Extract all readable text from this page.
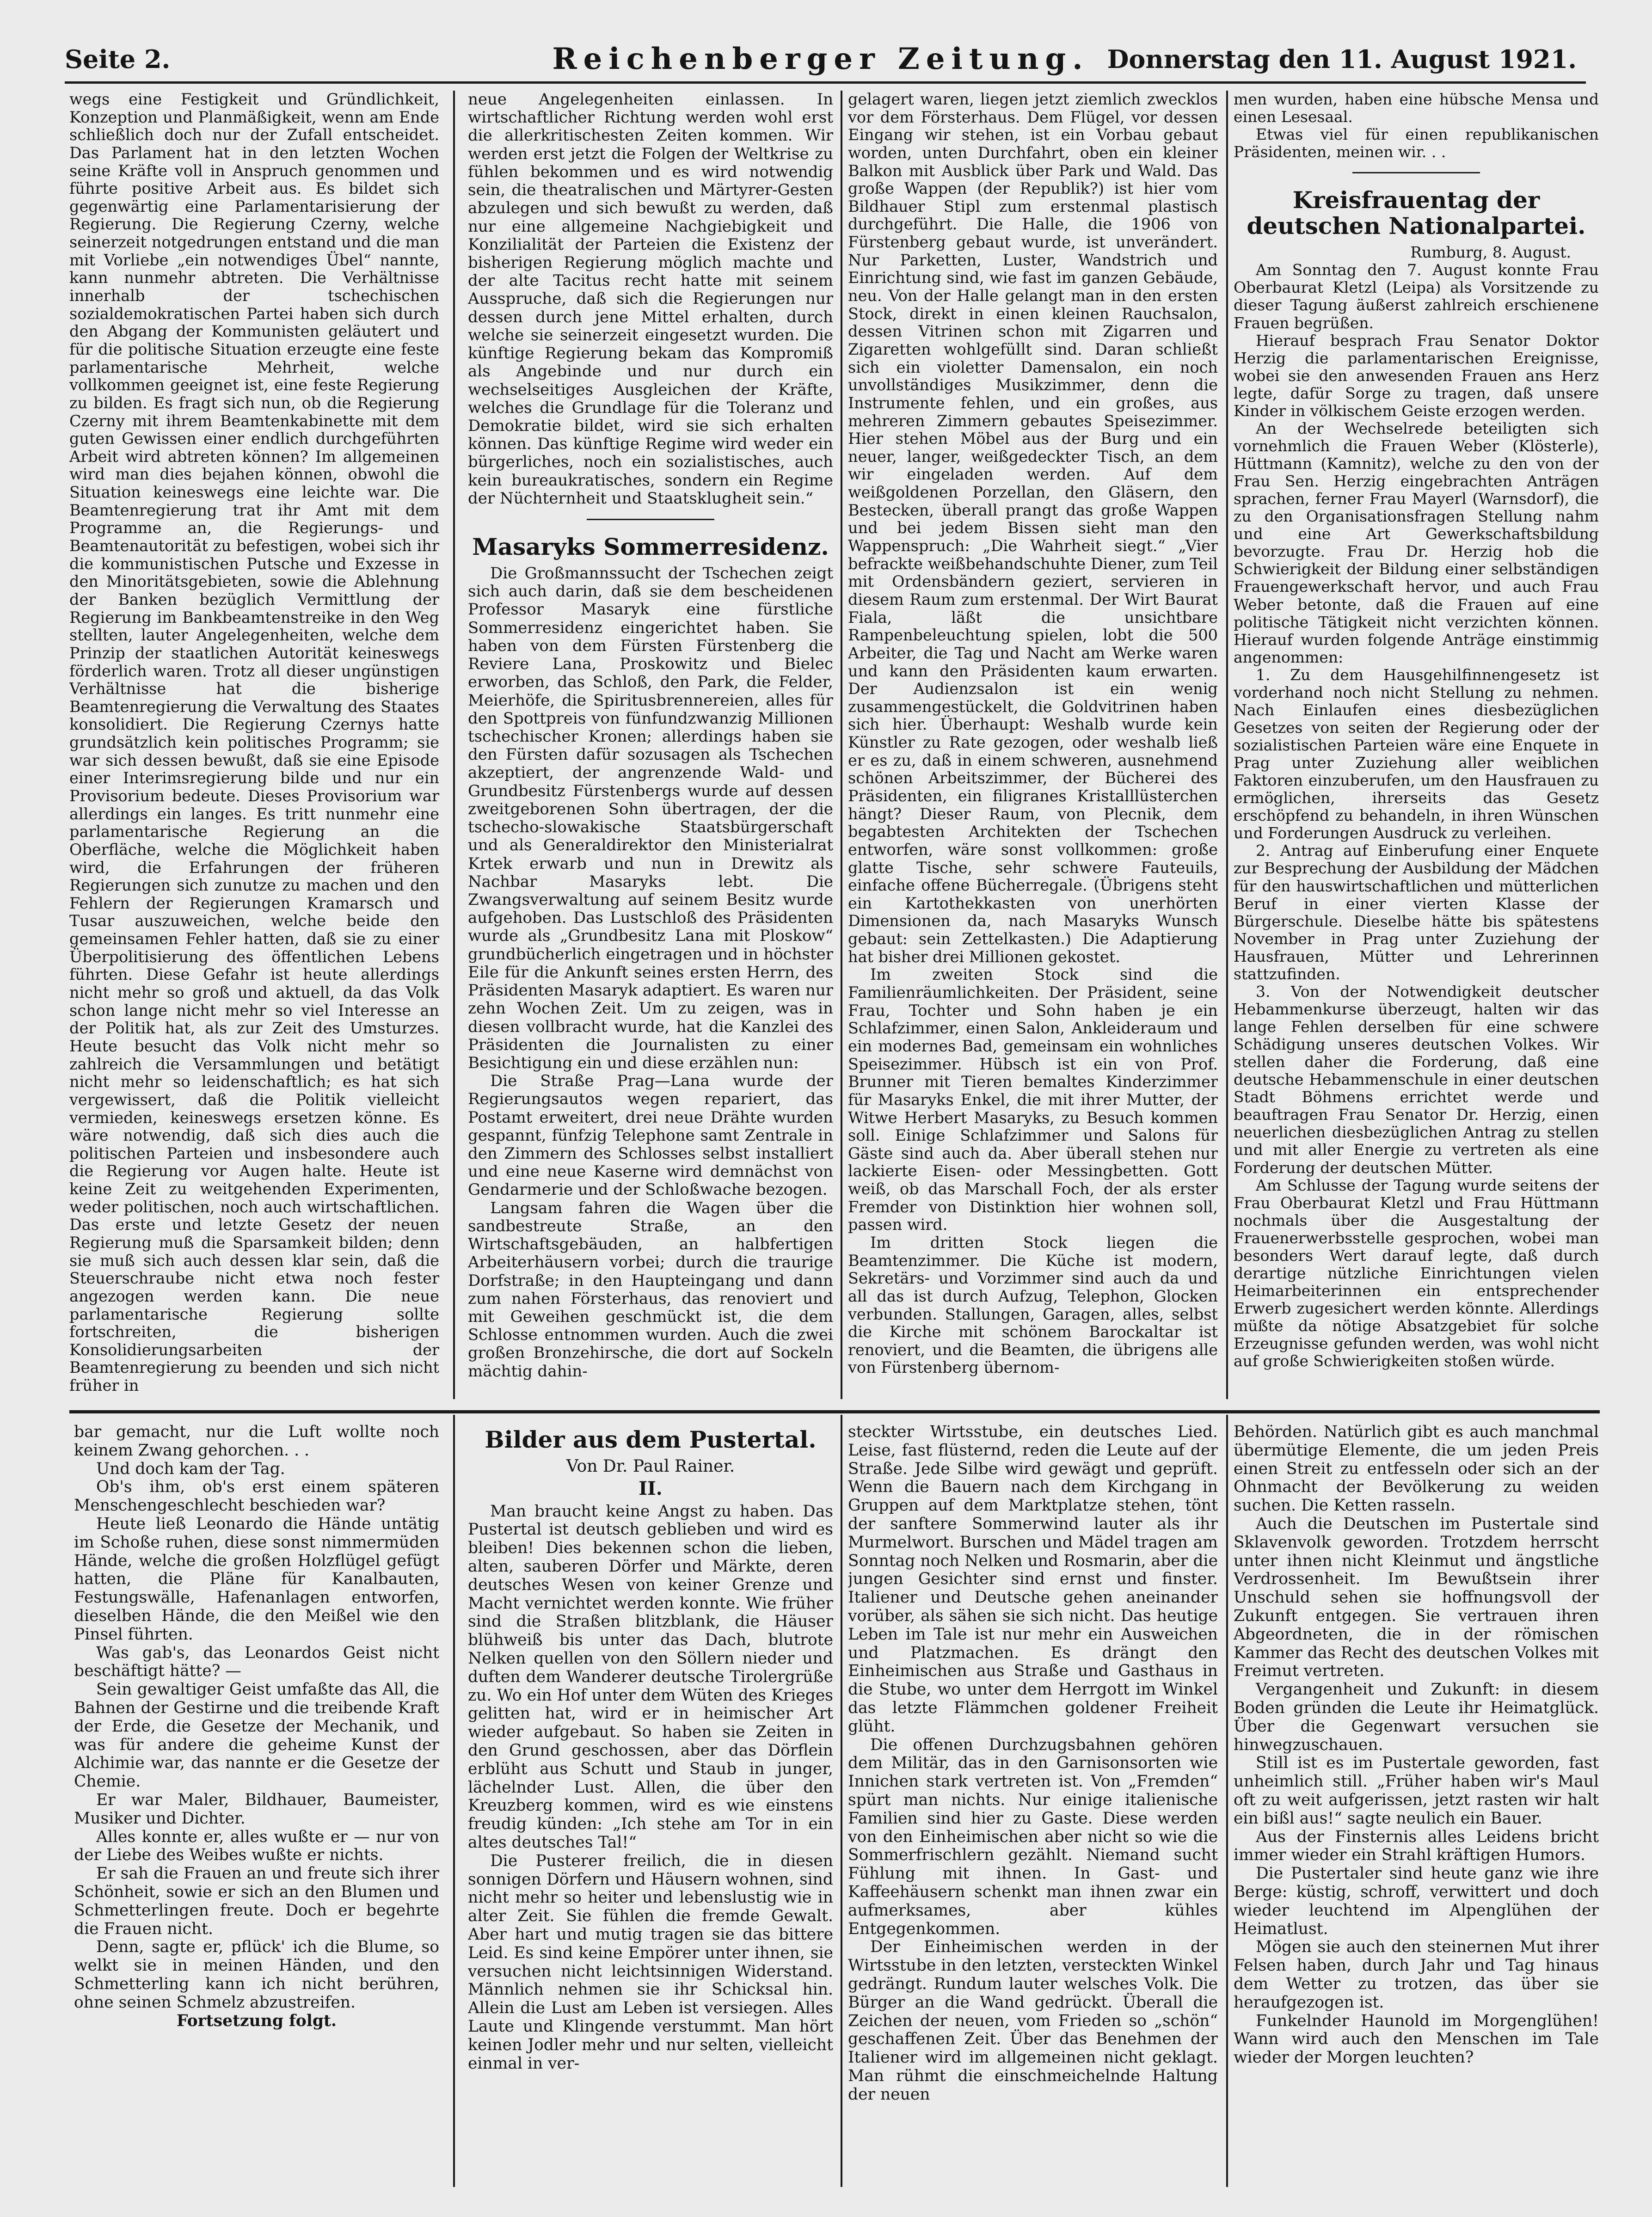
Seite 2.	Reichenberger Zeitung. Donnerstag den 11. August 1921.

wegs eine Festigkeit und Gründlichkeit, Konzeption und Planmäßigkeit, wenn am Ende schließlich doch nur der Zufall entscheidet. Das Parlament hat in den letzten Wochen seine Kräfte voll in Anspruch genommen und führte positive Arbeit aus. Es bildet sich gegenwärtig eine Parlamentarisierung der Regierung. Die Regierung Czerny, welche seinerzeit notgedrungen entstand und die man mit Vorliebe „ein notwendiges Übel“ nannte, kann nunmehr abtreten. Die Verhältnisse innerhalb der tschechischen sozialdemokratischen Partei haben sich durch den Abgang der Kommunisten geläutert und für die politische Situation erzeugte eine feste parlamentarische Mehrheit, welche vollkommen geeignet ist, eine feste Regierung zu bilden. Es fragt sich nun, ob die Regierung Czerny mit ihrem Beamtenkabinette mit dem guten Gewissen einer endlich durchgeführten Arbeit wird abtreten können? Im allgemeinen wird man dies bejahen können, obwohl die Situation keineswegs eine leichte war. Die Beamtenregierung trat ihr Amt mit dem Programme an, die Regierungs- und Beamtenautorität zu befestigen, wobei sich ihr die kommunistischen Putsche und Exzesse in den Minoritätsgebieten, sowie die Ablehnung der Banken bezüglich Vermittlung der Regierung im Bankbeamtenstreike in den Weg stellten, lauter Angelegenheiten, welche dem Prinzip der staatlichen Autorität keineswegs förderlich waren. Trotz all dieser ungünstigen Verhältnisse hat die bisherige Beamtenregierung die Verwaltung des Staates konsolidiert. Die Regierung Czernys hatte grundsätzlich kein politisches Programm; sie war sich dessen bewußt, daß sie eine Episode einer Interimsregierung bilde und nur ein Provisorium bedeute. Dieses Provisorium war allerdings ein langes. Es tritt nunmehr eine parlamentarische Regierung an die Oberfläche, welche die Möglichkeit haben wird, die Erfahrungen der früheren Regierungen sich zunutze zu machen und den Fehlern der Regierungen Kramarsch und Tusar auszuweichen, welche beide den gemeinsamen Fehler hatten, daß sie zu einer Überpolitisierung des öffentlichen Lebens führten. Diese Gefahr ist heute allerdings nicht mehr so groß und aktuell, da das Volk schon lange nicht mehr so viel Interesse an der Politik hat, als zur Zeit des Umsturzes. Heute besucht das Volk nicht mehr so zahlreich die Versammlungen und betätigt nicht mehr so leidenschaftlich; es hat sich vergewissert, daß die Politik vielleicht vermieden, keineswegs ersetzen könne. Es wäre notwendig, daß sich dies auch die politischen Parteien und insbesondere auch die Regierung vor Augen halte. Heute ist keine Zeit zu weitgehenden Experimenten, weder politischen, noch auch wirtschaftlichen. Das erste und letzte Gesetz der neuen Regierung muß die Sparsamkeit bilden; denn sie muß sich auch dessen klar sein, daß die Steuerschraube nicht etwa noch fester angezogen werden kann. Die neue parlamentarische Regierung sollte fortschreiten, die bisherigen Konsolidierungsarbeiten der Beamtenregierung zu beenden und sich nicht früher in

neue Angelegenheiten einlassen. In wirtschaftlicher Richtung werden wohl erst die allerkritischesten Zeiten kommen. Wir werden erst jetzt die Folgen der Weltkrise zu fühlen bekommen und es wird notwendig sein, die theatralischen und Märtyrer-Gesten abzulegen und sich bewußt zu werden, daß nur eine allgemeine Nachgiebigkeit und Konzilialität der Parteien die Existenz der bisherigen Regierung möglich machte und der alte Tacitus recht hatte mit seinem Ausspruche, daß sich die Regierungen nur dessen durch jene Mittel erhalten, durch welche sie seinerzeit eingesetzt wurden. Die künftige Regierung bekam das Kompromiß als Angebinde und nur durch ein wechselseitiges Ausgleichen der Kräfte, welches die Grundlage für die Toleranz und Demokratie bildet, wird sie sich erhalten können. Das künftige Regime wird weder ein bürgerliches, noch ein sozialistisches, auch kein bureaukratisches, sondern ein Regime der Nüchternheit und Staatsklugheit sein.“

Masaryks Sommerresidenz.

Die Großmannssucht der Tschechen zeigt sich auch darin, daß sie dem bescheidenen Professor Masaryk eine fürstliche Sommerresidenz eingerichtet haben. Sie haben von dem Fürsten Fürstenberg die Reviere Lana, Proskowitz und Bielec erworben, das Schloß, den Park, die Felder, Meierhöfe, die Spiritusbrennereien, alles für den Spottpreis von fünfundzwanzig Millionen tschechischer Kronen; allerdings haben sie den Fürsten dafür sozusagen als Tschechen akzeptiert, der angrenzende Wald- und Grundbesitz Fürstenbergs wurde auf dessen zweitgeborenen Sohn übertragen, der die tschecho-slowakische Staatsbürgerschaft und als Generaldirektor den Ministerialrat Krtek erwarb und nun in Drewitz als Nachbar Masaryks lebt. Die Zwangsverwaltung auf seinem Besitz wurde aufgehoben. Das Lustschloß des Präsidenten wurde als „Grundbesitz Lana mit Ploskow“ grundbücherlich eingetragen und in höchster Eile für die Ankunft seines ersten Herrn, des Präsidenten Masaryk adaptiert. Es waren nur zehn Wochen Zeit. Um zu zeigen, was in diesen vollbracht wurde, hat die Kanzlei des Präsidenten die Journalisten zu einer Besichtigung ein und diese erzählen nun:

Die Straße Prag—Lana wurde der Regierungsautos wegen repariert, das Postamt erweitert, drei neue Drähte wurden gespannt, fünfzig Telephone samt Zentrale in den Zimmern des Schlosses selbst installiert und eine neue Kaserne wird demnächst von Gendarmerie und der Schloßwache bezogen.

Langsam fahren die Wagen über die sandbestreute Straße, an den Wirtschaftsgebäuden, an halbfertigen Arbeiterhäusern vorbei; durch die traurige Dorfstraße; in den Haupteingang und dann zum nahen Försterhaus, das renoviert und mit Geweihen geschmückt ist, die dem Schlosse entnommen wurden. Auch die zwei großen Bronzehirsche, die dort auf Sockeln mächtig dahin-

gelagert waren, liegen jetzt ziemlich zwecklos vor dem Försterhaus. Dem Flügel, vor dessen Eingang wir stehen, ist ein Vorbau gebaut worden, unten Durchfahrt, oben ein kleiner Balkon mit Ausblick über Park und Wald. Das große Wappen (der Republik?) ist hier vom Bildhauer Stipl zum erstenmal plastisch durchgeführt. Die Halle, die 1906 von Fürstenberg gebaut wurde, ist unverändert. Nur Parketten, Luster, Wandstrich und Einrichtung sind, wie fast im ganzen Gebäude, neu. Von der Halle gelangt man in den ersten Stock, direkt in einen kleinen Rauchsalon, dessen Vitrinen schon mit Zigarren und Zigaretten wohlgefüllt sind. Daran schließt sich ein violetter Damensalon, ein noch unvollständiges Musikzimmer, denn die Instrumente fehlen, und ein großes, aus mehreren Zimmern gebautes Speisezimmer. Hier stehen Möbel aus der Burg und ein neuer, langer, weißgedeckter Tisch, an dem wir eingeladen werden. Auf dem weißgoldenen Porzellan, den Gläsern, den Bestecken, überall prangt das große Wappen und bei jedem Bissen sieht man den Wappenspruch: „Die Wahrheit siegt.“ „Vier befrackte weißbehandschuhte Diener, zum Teil mit Ordensbändern geziert, servieren in diesem Raum zum erstenmal. Der Wirt Baurat Fiala, läßt die unsichtbare Rampenbeleuchtung spielen, lobt die 500 Arbeiter, die Tag und Nacht am Werke waren und kann den Präsidenten kaum erwarten. Der Audienzsalon ist ein wenig zusammengestückelt, die Goldvitrinen haben sich hier. Überhaupt: Weshalb wurde kein Künstler zu Rate gezogen, oder weshalb ließ er es zu, daß in einem schweren, ausnehmend schönen Arbeitszimmer, der Bücherei des Präsidenten, ein filigranes Kristalllüsterchen hängt? Dieser Raum, von Plecnik, dem begabtesten Architekten der Tschechen entworfen, wäre sonst vollkommen: große glatte Tische, sehr schwere Fauteuils, einfache offene Bücherregale. (Übrigens steht ein Kartothekkasten von unerhörten Dimensionen da, nach Masaryks Wunsch gebaut: sein Zettelkasten.) Die Adaptierung hat bisher drei Millionen gekostet.

Im zweiten Stock sind die Familienräumlichkeiten. Der Präsident, seine Frau, Tochter und Sohn haben je ein Schlafzimmer, einen Salon, Ankleideraum und ein modernes Bad, gemeinsam ein wohnliches Speisezimmer. Hübsch ist ein von Prof. Brunner mit Tieren bemaltes Kinderzimmer für Masaryks Enkel, die mit ihrer Mutter, der Witwe Herbert Masaryks, zu Besuch kommen soll. Einige Schlafzimmer und Salons für Gäste sind auch da. Aber überall stehen nur lackierte Eisen- oder Messingbetten. Gott weiß, ob das Marschall Foch, der als erster Fremder von Distinktion hier wohnen soll, passen wird.

Im dritten Stock liegen die Beamtenzimmer. Die Küche ist modern, Sekretärs- und Vorzimmer sind auch da und all das ist durch Aufzug, Telephon, Glocken verbunden. Stallungen, Garagen, alles, selbst die Kirche mit schönem Barockaltar ist renoviert, und die Beamten, die übrigens alle von Fürstenberg übernom-

men wurden, haben eine hübsche Mensa und einen Lesesaal.

Etwas viel für einen republikanischen Präsidenten, meinen wir. . .

Kreisfrauentag der deutschen Nationalpartei.

Rumburg, 8. August.

Am Sonntag den 7. August konnte Frau Oberbaurat Kletzl (Leipa) als Vorsitzende zu dieser Tagung äußerst zahlreich erschienene Frauen begrüßen.

Hierauf besprach Frau Senator Doktor Herzig die parlamentarischen Ereignisse, wobei sie den anwesenden Frauen ans Herz legte, dafür Sorge zu tragen, daß unsere Kinder in völkischem Geiste erzogen werden.

An der Wechselrede beteiligten sich vornehmlich die Frauen Weber (Klösterle), Hüttmann (Kamnitz), welche zu den von der Frau Sen. Herzig eingebrachten Anträgen sprachen, ferner Frau Mayerl (Warnsdorf), die zu den Organisationsfragen Stellung nahm und eine Art Gewerkschaftsbildung bevorzugte. Frau Dr. Herzig hob die Schwierigkeit der Bildung einer selbständigen Frauengewerkschaft hervor, und auch Frau Weber betonte, daß die Frauen auf eine politische Tätigkeit nicht verzichten können. Hierauf wurden folgende Anträge einstimmig angenommen:

1. Zu dem Hausgehilfinnengesetz ist vorderhand noch nicht Stellung zu nehmen. Nach Einlaufen eines diesbezüglichen Gesetzes von seiten der Regierung oder der sozialistischen Parteien wäre eine Enquete in Prag unter Zuziehung aller weiblichen Faktoren einzuberufen, um den Hausfrauen zu ermöglichen, ihrerseits das Gesetz erschöpfend zu behandeln, in ihren Wünschen und Forderungen Ausdruck zu verleihen.

2. Antrag auf Einberufung einer Enquete zur Besprechung der Ausbildung der Mädchen für den hauswirtschaftlichen und mütterlichen Beruf in einer vierten Klasse der Bürgerschule. Dieselbe hätte bis spätestens November in Prag unter Zuziehung der Hausfrauen, Mütter und Lehrerinnen stattzufinden.

3. Von der Notwendigkeit deutscher Hebammenkurse überzeugt, halten wir das lange Fehlen derselben für eine schwere Schädigung unseres deutschen Volkes. Wir stellen daher die Forderung, daß eine deutsche Hebammenschule in einer deutschen Stadt Böhmens errichtet werde und beauftragen Frau Senator Dr. Herzig, einen neuerlichen diesbezüglichen Antrag zu stellen und mit aller Energie zu vertreten als eine Forderung der deutschen Mütter.

Am Schlusse der Tagung wurde seitens der Frau Oberbaurat Kletzl und Frau Hüttmann nochmals über die Ausgestaltung der Frauenerwerbsstelle gesprochen, wobei man besonders Wert darauf legte, daß durch derartige nützliche Einrichtungen vielen Heimarbeiterinnen ein entsprechender Erwerb zugesichert werden könnte. Allerdings müßte da nötige Absatzgebiet für solche Erzeugnisse gefunden werden, was wohl nicht auf große Schwierigkeiten stoßen würde.

bar gemacht, nur die Luft wollte noch keinem Zwang gehorchen. . .

Und doch kam der Tag.

Ob's ihm, ob's erst einem späteren Menschengeschlecht beschieden war?

Heute ließ Leonardo die Hände untätig im Schoße ruhen, diese sonst nimmermüden Hände, welche die großen Holzflügel gefügt hatten, die Pläne für Kanalbauten, Festungswälle, Hafenanlagen entworfen, dieselben Hände, die den Meißel wie den Pinsel führten.

Was gab's, das Leonardos Geist nicht beschäftigt hätte? —

Sein gewaltiger Geist umfaßte das All, die Bahnen der Gestirne und die treibende Kraft der Erde, die Gesetze der Mechanik, und was für andere die geheime Kunst der Alchimie war, das nannte er die Gesetze der Chemie.

Er war Maler, Bildhauer, Baumeister, Musiker und Dichter.

Alles konnte er, alles wußte er — nur von der Liebe des Weibes wußte er nichts.

Er sah die Frauen an und freute sich ihrer Schönheit, sowie er sich an den Blumen und Schmetterlingen freute. Doch er begehrte die Frauen nicht.

Denn, sagte er, pflück' ich die Blume, so welkt sie in meinen Händen, und den Schmetterling kann ich nicht berühren, ohne seinen Schmelz abzustreifen.

Fortsetzung folgt.

Bilder aus dem Pustertal.

Von Dr. Paul Rainer.

II.

Man braucht keine Angst zu haben. Das Pustertal ist deutsch geblieben und wird es bleiben! Dies bekennen schon die lieben, alten, sauberen Dörfer und Märkte, deren deutsches Wesen von keiner Grenze und Macht vernichtet werden konnte. Wie früher sind die Straßen blitzblank, die Häuser blühweiß bis unter das Dach, blutrote Nelken quellen von den Söllern nieder und duften dem Wanderer deutsche Tirolergrüße zu. Wo ein Hof unter dem Wüten des Krieges gelitten hat, wird er in heimischer Art wieder aufgebaut. So haben sie Zeiten in den Grund geschossen, aber das Dörflein erblüht aus Schutt und Staub in junger, lächelnder Lust. Allen, die über den Kreuzberg kommen, wird es wie einstens freudig künden: „Ich stehe am Tor in ein altes deutsches Tal!“

Die Pusterer freilich, die in diesen sonnigen Dörfern und Häusern wohnen, sind nicht mehr so heiter und lebenslustig wie in alter Zeit. Sie fühlen die fremde Gewalt. Aber hart und mutig tragen sie das bittere Leid. Es sind keine Empörer unter ihnen, sie versuchen nicht leichtsinnigen Widerstand. Männlich nehmen sie ihr Schicksal hin. Allein die Lust am Leben ist versiegen. Alles Laute und Klingende verstummt. Man hört keinen Jodler mehr und nur selten, vielleicht einmal in ver-

steckter Wirtsstube, ein deutsches Lied. Leise, fast flüsternd, reden die Leute auf der Straße. Jede Silbe wird gewägt und geprüft. Wenn die Bauern nach dem Kirchgang in Gruppen auf dem Marktplatze stehen, tönt der sanftere Sommerwind lauter als ihr Murmelwort. Burschen und Mädel tragen am Sonntag noch Nelken und Rosmarin, aber die jungen Gesichter sind ernst und finster. Italiener und Deutsche gehen aneinander vorüber, als sähen sie sich nicht. Das heutige Leben im Tale ist nur mehr ein Ausweichen und Platzmachen. Es drängt den Einheimischen aus Straße und Gasthaus in die Stube, wo unter dem Herrgott im Winkel das letzte Flämmchen goldener Freiheit glüht.

Die offenen Durchzugsbahnen gehören dem Militär, das in den Garnisonsorten wie Innichen stark vertreten ist. Von „Fremden“ spürt man nichts. Nur einige italienische Familien sind hier zu Gaste. Diese werden von den Einheimischen aber nicht so wie die Sommerfrischlern gezählt. Niemand sucht Fühlung mit ihnen. In Gast- und Kaffeehäusern schenkt man ihnen zwar ein aufmerksames, aber kühles Entgegenkommen.

Der Einheimischen werden in der Wirtsstube in den letzten, versteckten Winkel gedrängt. Rundum lauter welsches Volk. Die Bürger an die Wand gedrückt. Überall die Zeichen der neuen, vom Frieden so „schön“ geschaffenen Zeit. Über das Benehmen der Italiener wird im allgemeinen nicht geklagt. Man rühmt die einschmeichelnde Haltung der neuen

Behörden. Natürlich gibt es auch manchmal übermütige Elemente, die um jeden Preis einen Streit zu entfesseln oder sich an der Ohnmacht der Bevölkerung zu weiden suchen. Die Ketten rasseln.

Auch die Deutschen im Pustertale sind Sklavenvolk geworden. Trotzdem herrscht unter ihnen nicht Kleinmut und ängstliche Verdrossenheit. Im Bewußtsein ihrer Unschuld sehen sie hoffnungsvoll der Zukunft entgegen. Sie vertrauen ihren Abgeordneten, die in der römischen Kammer das Recht des deutschen Volkes mit Freimut vertreten.

Vergangenheit und Zukunft: in diesem Boden gründen die Leute ihr Heimatglück. Über die Gegenwart versuchen sie hinwegzuschauen.

Still ist es im Pustertale geworden, fast unheimlich still. „Früher haben wir's Maul oft zu weit aufgerissen, jetzt rasten wir halt ein bißl aus!“ sagte neulich ein Bauer.

Aus der Finsternis alles Leidens bricht immer wieder ein Strahl kräftigen Humors.

Die Pustertaler sind heute ganz wie ihre Berge: küstig, schroff, verwittert und doch wieder leuchtend im Alpenglühen der Heimatlust.

Mögen sie auch den steinernen Mut ihrer Felsen haben, durch Jahr und Tag hinaus dem Wetter zu trotzen, das über sie heraufgezogen ist.

Funkelnder Haunold im Morgenglühen! Wann wird auch den Menschen im Tale wieder der Morgen leuchten?
